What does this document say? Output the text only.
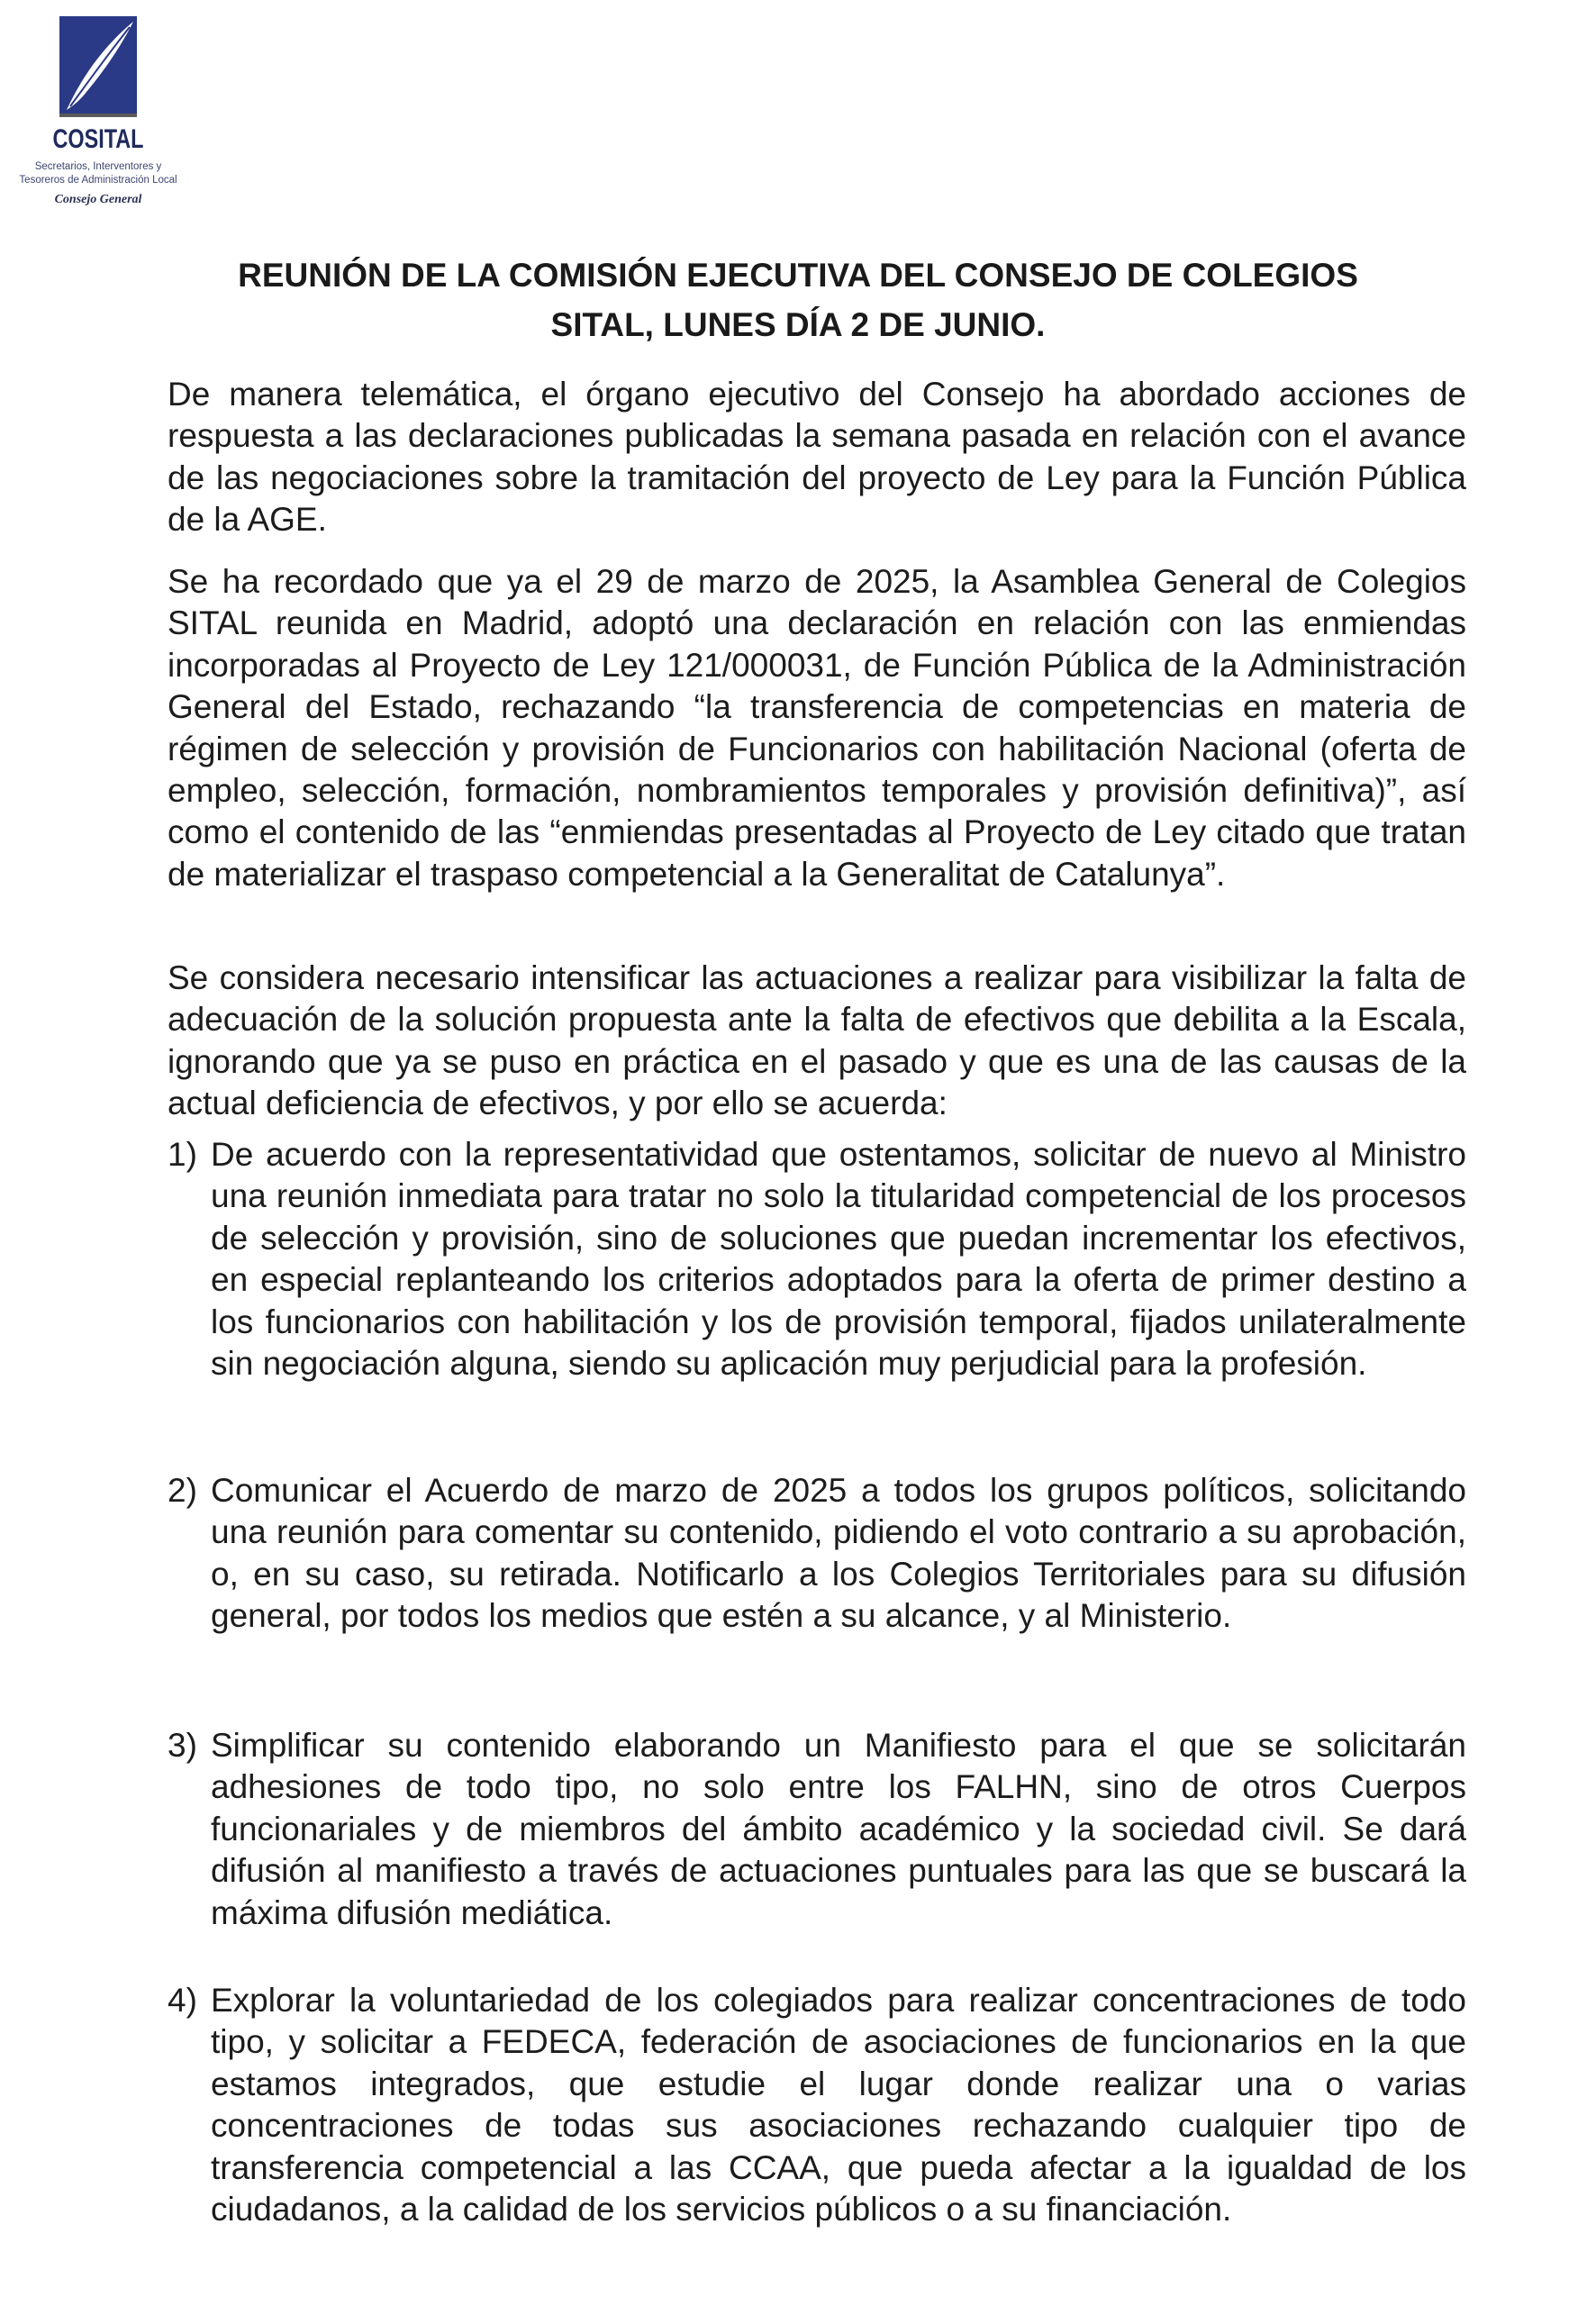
COSITAL
Secretarios, Interventores y
Tesoreros de Administración Local
Consejo General
REUNIÓN DE LA COMISIÓN EJECUTIVA DEL CONSEJO DE COLEGIOS
SITAL, LUNES DÍA 2 DE JUNIO.
De manera telemática, el órgano ejecutivo del Consejo ha abordado acciones de respuesta a las declaraciones publicadas la semana pasada en relación con el avance de las negociaciones sobre la tramitación del proyecto de Ley para la Función Pública de la AGE.
Se ha recordado que ya el 29 de marzo de 2025, la Asamblea General de Colegios SITAL reunida en Madrid, adoptó una declaración en relación con las enmiendas incorporadas al Proyecto de Ley 121/000031, de Función Pública de la Administración General del Estado, rechazando “la transferencia de competencias en materia de régimen de selección y provisión de Funcionarios con habilitación Nacional (oferta de empleo, selección, formación, nombramientos temporales y provisión definitiva)”, así como el contenido de las “enmiendas presentadas al Proyecto de Ley citado que tratan de materializar el traspaso competencial a la Generalitat de Catalunya”.
Se considera necesario intensificar las actuaciones a realizar para visibilizar la falta de adecuación de la solución propuesta ante la falta de efectivos que debilita a la Escala, ignorando que ya se puso en práctica en el pasado y que es una de las causas de la actual deficiencia de efectivos, y por ello se acuerda:
1) De acuerdo con la representatividad que ostentamos, solicitar de nuevo al Ministro una reunión inmediata para tratar no solo la titularidad competencial de los procesos de selección y provisión, sino de soluciones que puedan incrementar los efectivos, en especial replanteando los criterios adoptados para la oferta de primer destino a los funcionarios con habilitación y los de provisión temporal, fijados unilateralmente sin negociación alguna, siendo su aplicación muy perjudicial para la profesión.
2) Comunicar el Acuerdo de marzo de 2025 a todos los grupos políticos, solicitando una reunión para comentar su contenido, pidiendo el voto contrario a su aprobación, o, en su caso, su retirada. Notificarlo a los Colegios Territoriales para su difusión general, por todos los medios que estén a su alcance, y al Ministerio.
3) Simplificar su contenido elaborando un Manifiesto para el que se solicitarán adhesiones de todo tipo, no solo entre los FALHN, sino de otros Cuerpos funcionariales y de miembros del ámbito académico y la sociedad civil. Se dará difusión al manifiesto a través de actuaciones puntuales para las que se buscará la máxima difusión mediática.
4) Explorar la voluntariedad de los colegiados para realizar concentraciones de todo tipo, y solicitar a FEDECA, federación de asociaciones de funcionarios en la que estamos integrados, que estudie el lugar donde realizar una o varias concentraciones de todas sus asociaciones rechazando cualquier tipo de transferencia competencial a las CCAA, que pueda afectar a la igualdad de los ciudadanos, a la calidad de los servicios públicos o a su financiación.
